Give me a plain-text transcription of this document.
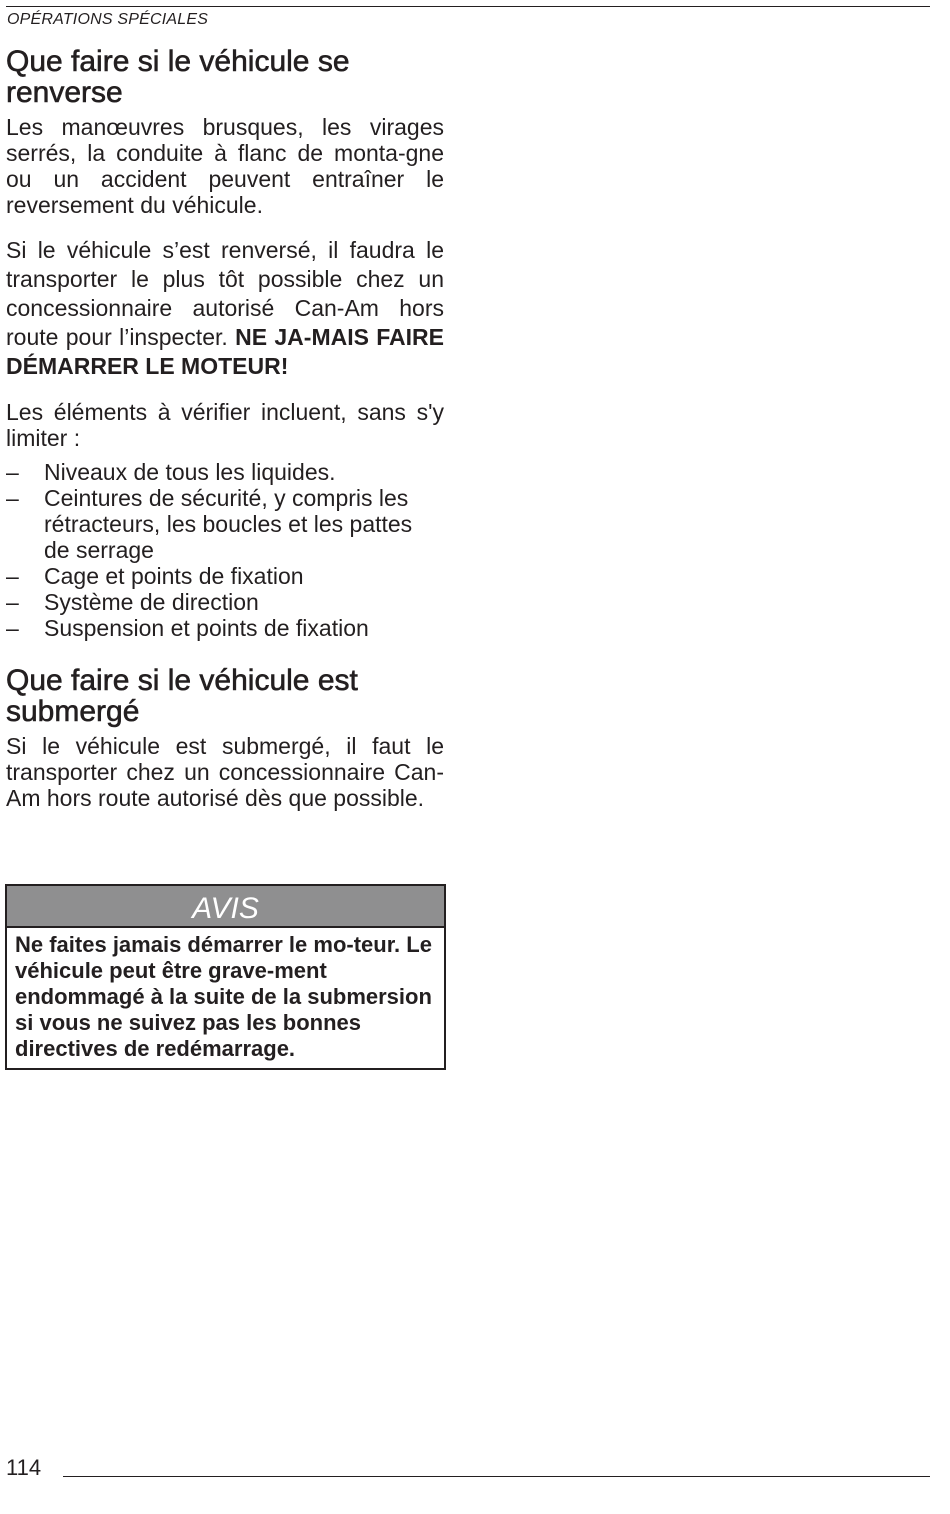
OPÉRATIONS SPÉCIALES
Que faire si le véhicule se
renverse

Les manœuvres brusques, les virages serrés, la conduite à flanc de monta-gne ou un accident peuvent entraîner le reversement du véhicule.

Si le véhicule s’est renversé, il faudra le transporter le plus tôt possible chez un concessionnaire autorisé Can-Am hors route pour l’inspecter. NE JA-MAIS FAIRE DÉMARRER LE MOTEUR!

Les éléments à vérifier incluent, sans s'y limiter :

– Niveaux de tous les liquides.
– Ceintures de sécurité, y compris les rétracteurs, les boucles et les pattes de serrage
– Cage et points de fixation
– Système de direction
– Suspension et points de fixation
Que faire si le véhicule est
submergé

Si le véhicule est submergé, il faut le transporter chez un concessionnaire Can-Am hors route autorisé dès que possible.

AVIS
Ne faites jamais démarrer le mo-teur. Le véhicule peut être grave-ment endommagé à la suite de la submersion si vous ne suivez pas les bonnes directives de redémarrage.
114
